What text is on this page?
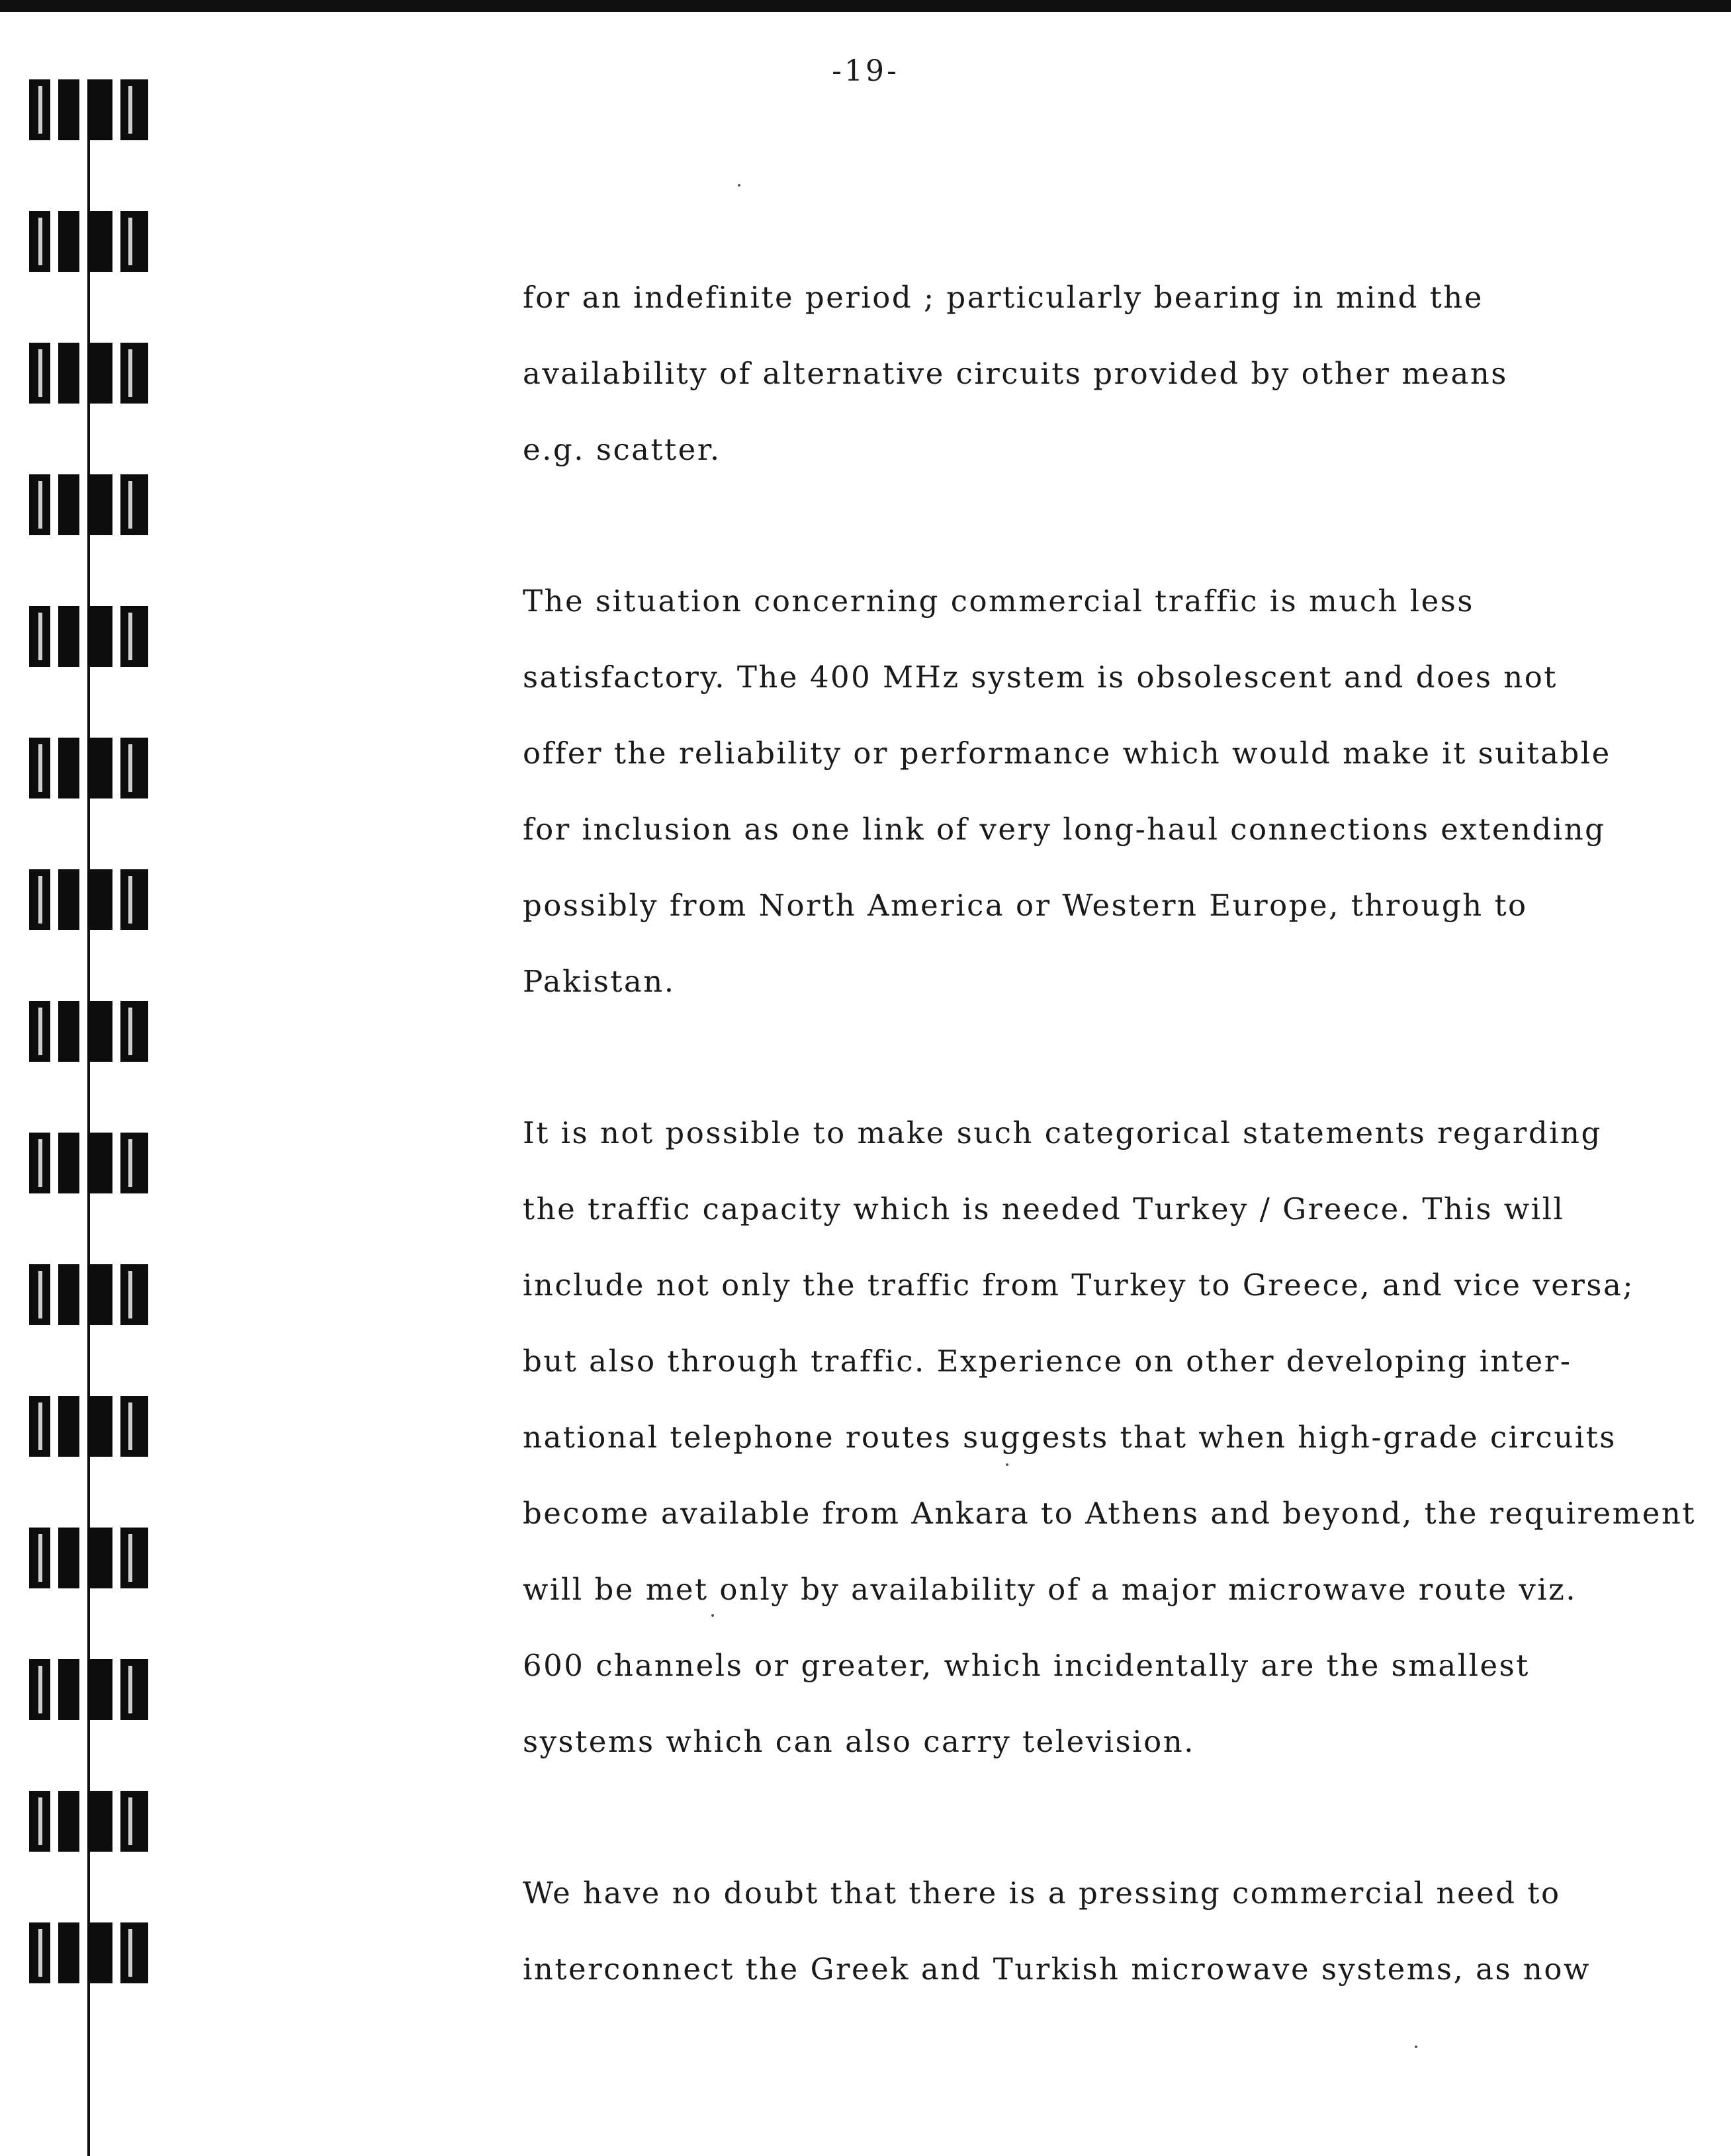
-19-

for an indefinite period ; particularly bearing in mind the
availability of alternative circuits provided by other means
e.g. scatter.

The situation concerning commercial traffic is much less
satisfactory. The 400 MHz system is obsolescent and does not
offer the reliability or performance which would make it suitable
for inclusion as one link of very long-haul connections extending
possibly from North America or Western Europe, through to
Pakistan.

It is not possible to make such categorical statements regarding
the traffic capacity which is needed Turkey / Greece. This will
include not only the traffic from Turkey to Greece, and vice versa;
but also through traffic. Experience on other developing inter-
national telephone routes suggests that when high-grade circuits
become available from Ankara to Athens and beyond, the requirement
will be met only by availability of a major microwave route viz.
600 channels or greater, which incidentally are the smallest
systems which can also carry television.

We have no doubt that there is a pressing commercial need to
interconnect the Greek and Turkish microwave systems, as now
